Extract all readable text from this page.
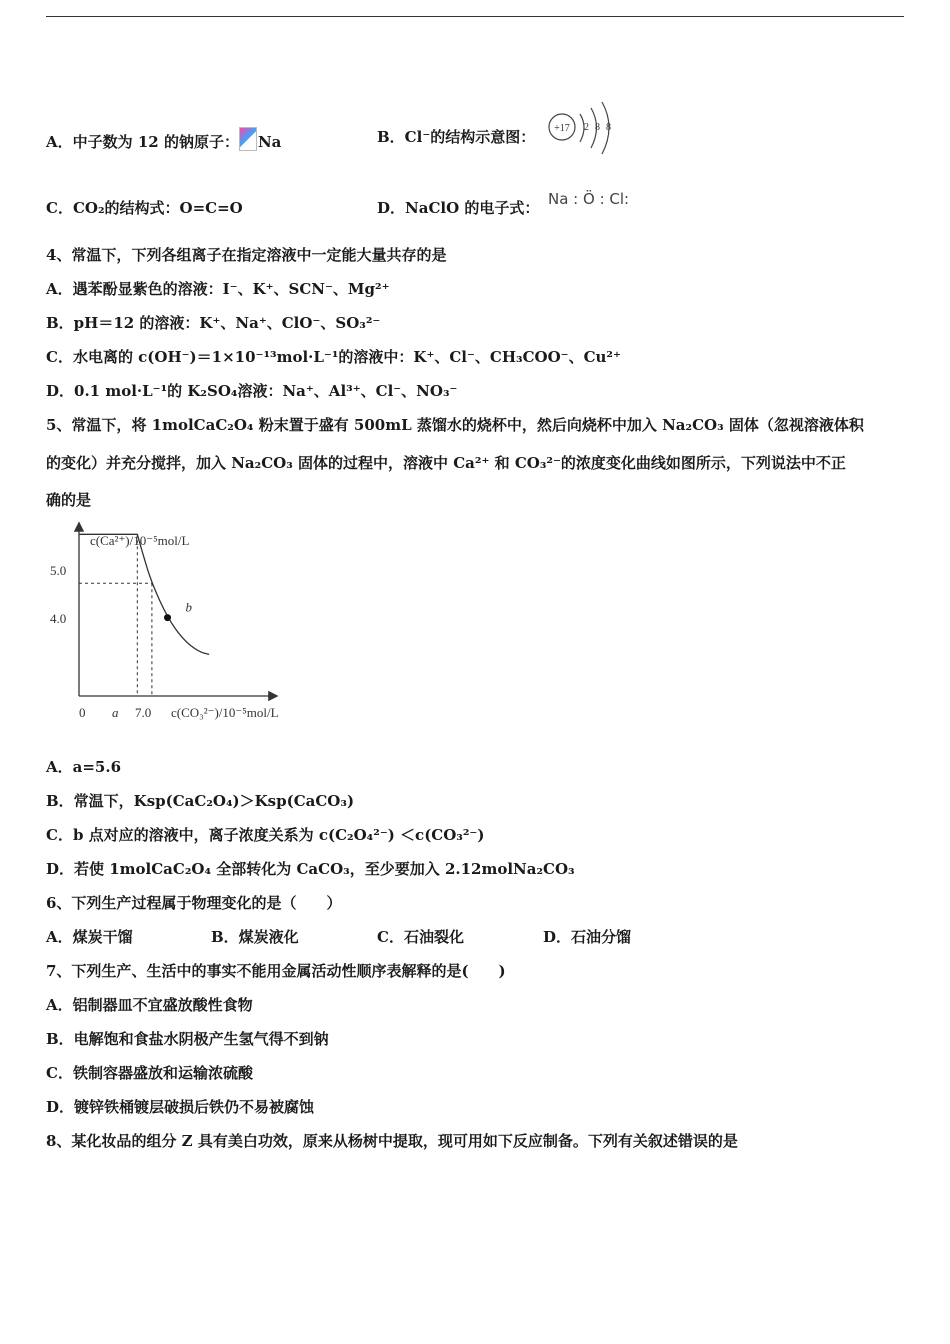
A．中子数为 12 的钠原子： Na	B．Cl⁻的结构示意图： +17 2 8 8
C．CO₂的结构式：O=C=O	D．NaClO 的电子式： Na : Ö : Cl:
4、常温下，下列各组离子在指定溶液中一定能大量共存的是
A．遇苯酚显紫色的溶液：I⁻、K⁺、SCN⁻、Mg²⁺
B．pH＝12 的溶液：K⁺、Na⁺、ClO⁻、SO₃²⁻
C．水电离的 c(OH⁻)＝1×10⁻¹³mol·L⁻¹的溶液中：K⁺、Cl⁻、CH₃COO⁻、Cu²⁺
D．0.1 mol·L⁻¹的 K₂SO₄溶液：Na⁺、Al³⁺、Cl⁻、NO₃⁻
5、常温下，将 1molCaC₂O₄ 粉末置于盛有 500mL 蒸馏水的烧杯中，然后向烧杯中加入 Na₂CO₃ 固体（忽视溶液体积
的变化）并充分搅拌，加入 Na₂CO₃ 固体的过程中，溶液中 Ca²⁺ 和 CO₃²⁻的浓度变化曲线如图所示，下列说法中不正
确的是
c(Ca²⁺)/10⁻⁵mol/L
c(CO₃²⁻)/10⁻⁵mol/L
5.0
4.0
0 a 7.0
b
A．a=5.6
B．常温下，Ksp(CaC₂O₄)＞Ksp(CaCO₃)
C．b 点对应的溶液中，离子浓度关系为 c(C₂O₄²⁻) ＜c(CO₃²⁻)
D．若使 1molCaC₂O₄ 全部转化为 CaCO₃，至少要加入 2.12molNa₂CO₃
6、下列生产过程属于物理变化的是（　　）
A．煤炭干馏	B．煤炭液化	C．石油裂化	D．石油分馏
7、下列生产、生活中的事实不能用金属活动性顺序表解释的是(　　)
A．铝制器皿不宜盛放酸性食物
B．电解饱和食盐水阴极产生氢气得不到钠
C．铁制容器盛放和运输浓硫酸
D．镀锌铁桶镀层破损后铁仍不易被腐蚀
8、某化妆品的组分 Z 具有美白功效，原来从杨树中提取，现可用如下反应制备。下列有关叙述错误的是
